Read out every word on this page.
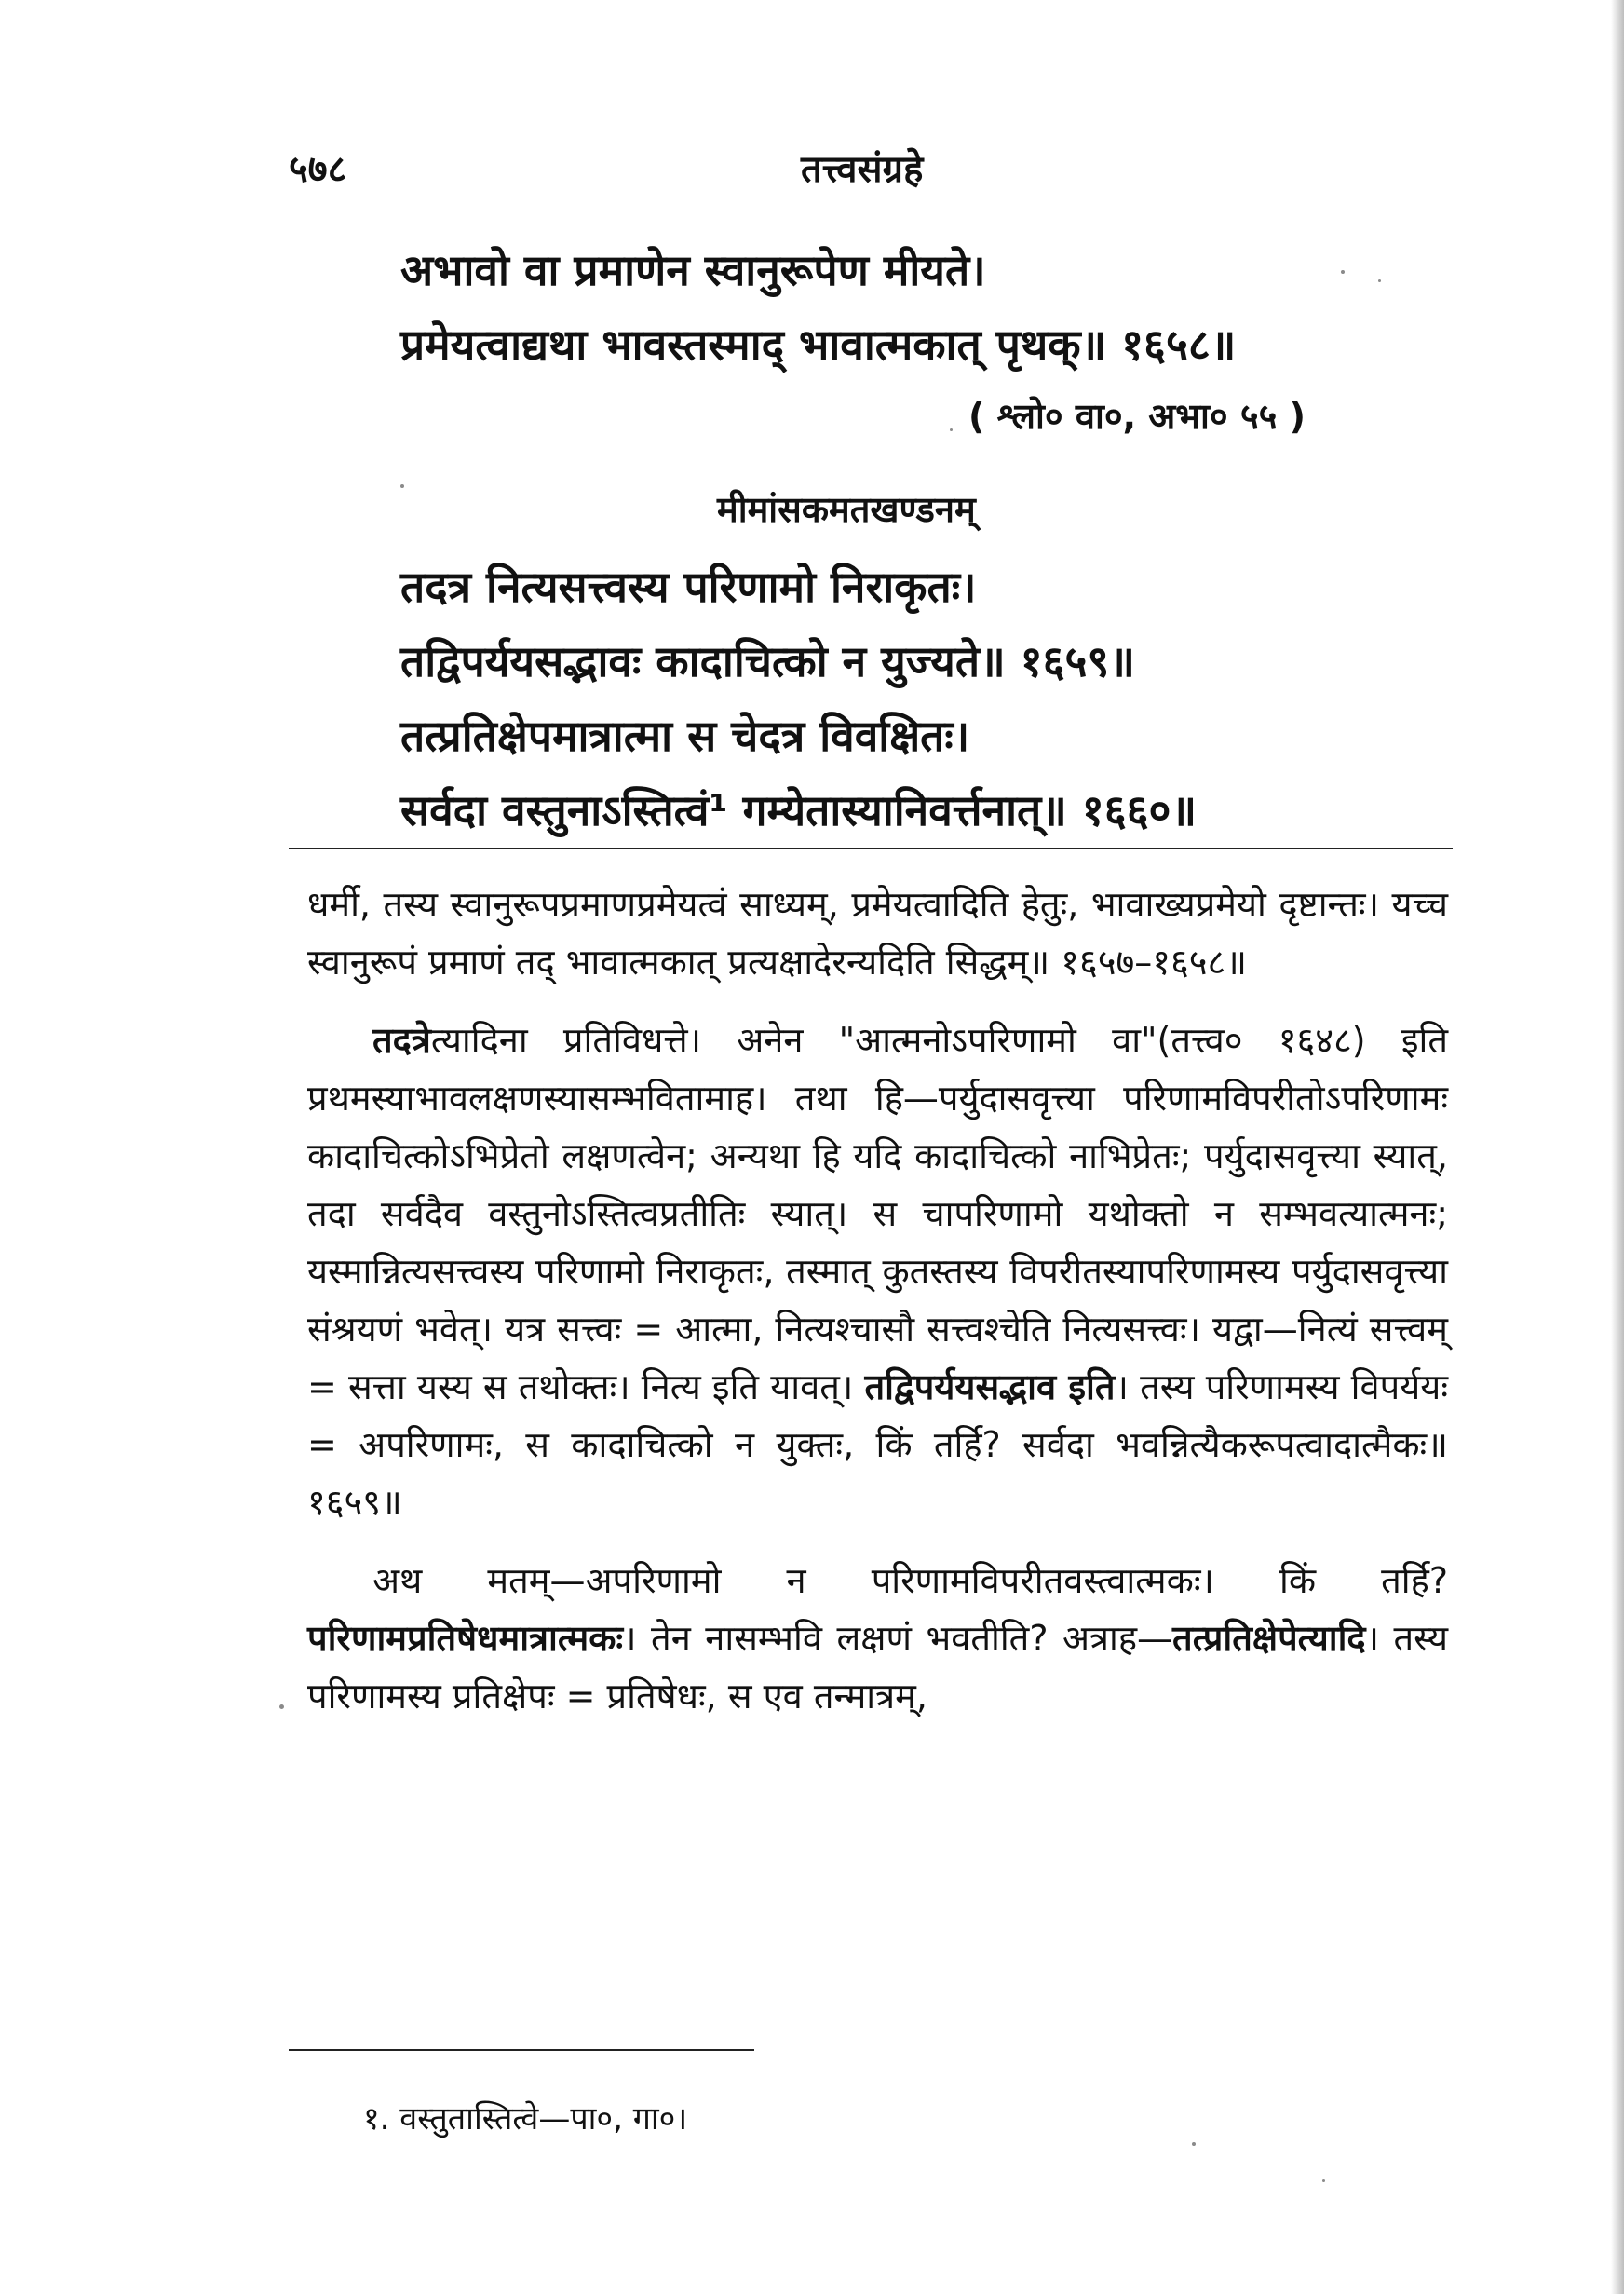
५७८	तत्त्वसंग्रहे
अभावो वा प्रमाणेन स्वानुरूपेण मीयते।
प्रमेयत्वाद्यथा भावस्तस्माद् भावात्मकात् पृथक्॥ १६५८॥
( श्लो० वा०, अभा० ५५ )
मीमांसकमतखण्डनम्
तदत्र नित्यसत्त्वस्य परिणामो निराकृतः।
तद्विपर्ययसद्भावः कादाचित्को न युज्यते॥ १६५९॥
तत्प्रतिक्षेपमात्रात्मा स चेदत्र विवक्षितः।
सर्वदा वस्तुनाऽस्तित्वं¹ गम्येतास्यानिवर्त्तनात्॥ १६६०॥

धर्मी, तस्य स्वानुरूपप्रमाणप्रमेयत्वं साध्यम्, प्रमेयत्वादिति हेतुः, भावाख्यप्रमेयो दृष्टान्तः। यच्च स्वानुरूपं प्रमाणं तद् भावात्मकात् प्रत्यक्षादेरन्यदिति सिद्धम्॥ १६५७–१६५८॥

तदत्रेत्यादिना प्रतिविधत्ते। अनेन "आत्मनोऽपरिणामो वा"(तत्त्व० १६४८) इति प्रथमस्याभावलक्षणस्यासम्भवितामाह। तथा हि—पर्युदासवृत्त्या परिणामविपरीतोऽपरिणामः कादाचित्कोऽभिप्रेतो लक्षणत्वेन; अन्यथा हि यदि कादाचित्को नाभिप्रेतः; पर्युदासवृत्त्या स्यात्, तदा सर्वदैव वस्तुनोऽस्तित्वप्रतीतिः स्यात्। स चापरिणामो यथोक्तो न सम्भवत्यात्मनः; यस्मान्नित्यसत्त्वस्य परिणामो निराकृतः, तस्मात् कुतस्तस्य विपरीतस्यापरिणामस्य पर्युदासवृत्त्या संश्रयणं भवेत्। यत्र सत्त्वः = आत्मा, नित्यश्चासौ सत्त्वश्चेति नित्यसत्त्वः। यद्वा—नित्यं सत्त्वम् = सत्ता यस्य स तथोक्तः। नित्य इति यावत्। तद्विपर्ययसद्भाव इति। तस्य परिणामस्य विपर्ययः = अपरिणामः, स कादाचित्को न युक्तः, किं तर्हि? सर्वदा भवन्नित्यैकरूपत्वादात्मैकः॥ १६५९॥

अथ मतम्—अपरिणामो न परिणामविपरीतवस्त्वात्मकः। किं तर्हि? परिणामप्रतिषेधमात्रात्मकः। तेन नासम्भवि लक्षणं भवतीति? अत्राह—तत्प्रतिक्षेपेत्यादि। तस्य परिणामस्य प्रतिक्षेपः = प्रतिषेधः, स एव तन्मात्रम्,

१. वस्तुतास्तित्वे—पा०, गा०।
